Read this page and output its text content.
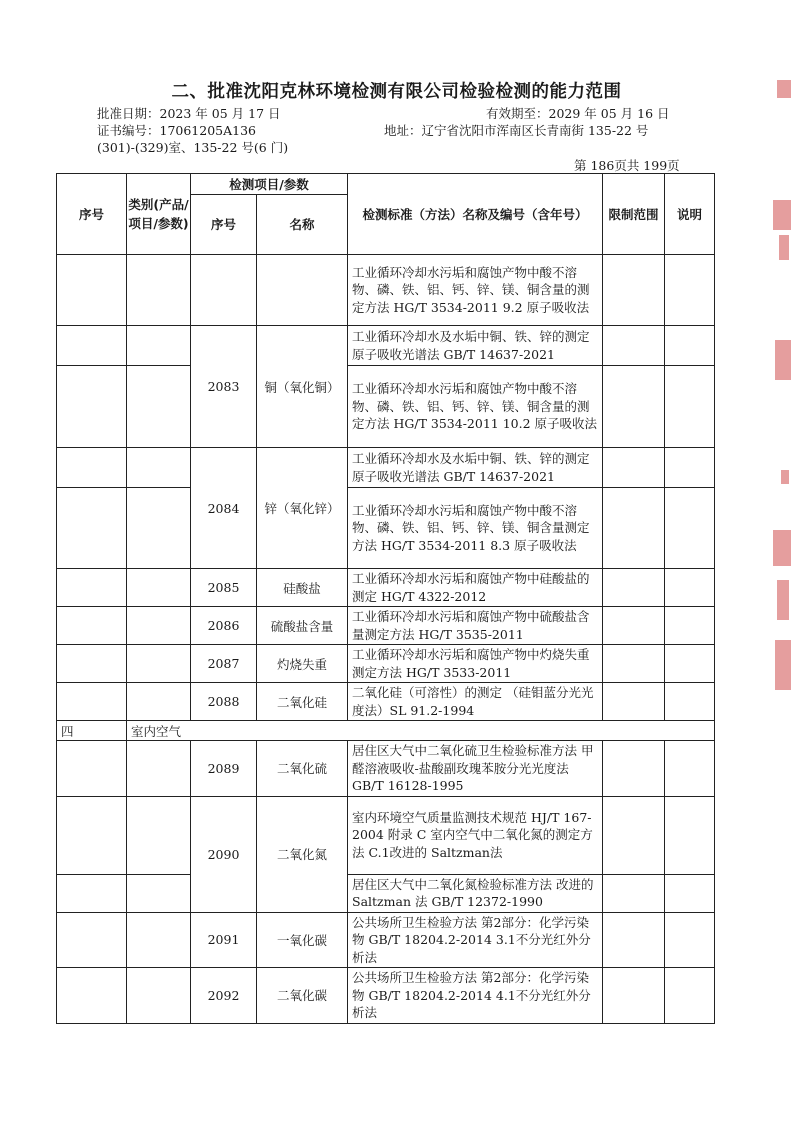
二、批准沈阳克林环境检测有限公司检验检测的能力范围
批准日期：2023 年 05 月 17 日	有效期至：2029 年 05 月 16 日
证书编号：17061205A136	地址：辽宁省沈阳市浑南区长青南街 135-22 号
(301)-(329)室、135-22 号(6 门)
第 186页共 199页
序号	类别(产品/项目/参数)	检测项目/参数		检测标准（方法）名称及编号（含年号）	限制范围	说明
		序号	名称			
				工业循环冷却水污垢和腐蚀产物中酸不溶物、磷、铁、铝、钙、锌、镁、铜含量的测定方法 HG/T 3534-2011 9.2 原子吸收法		
		2083	铜（氧化铜）	工业循环冷却水及水垢中铜、铁、锌的测定 原子吸收光谱法 GB/T 14637-2021		
				工业循环冷却水污垢和腐蚀产物中酸不溶物、磷、铁、铝、钙、锌、镁、铜含量的测定方法 HG/T 3534-2011 10.2 原子吸收法		
		2084	锌（氧化锌）	工业循环冷却水及水垢中铜、铁、锌的测定 原子吸收光谱法 GB/T 14637-2021		
				工业循环冷却水污垢和腐蚀产物中酸不溶物、磷、铁、铝、钙、锌、镁、铜含量测定方法 HG/T 3534-2011 8.3 原子吸收法		
		2085	硅酸盐	工业循环冷却水污垢和腐蚀产物中硅酸盐的测定 HG/T 4322-2012		
		2086	硫酸盐含量	工业循环冷却水污垢和腐蚀产物中硫酸盐含量测定方法 HG/T 3535-2011		
		2087	灼烧失重	工业循环冷却水污垢和腐蚀产物中灼烧失重测定方法 HG/T 3533-2011		
		2088	二氧化硅	二氧化硅（可溶性）的测定 （硅钼蓝分光光度法）SL 91.2-1994		
四	室内空气					
		2089	二氧化硫	居住区大气中二氧化硫卫生检验标准方法 甲醛溶液吸收-盐酸副玫瑰苯胺分光光度法 GB/T 16128-1995		
		2090	二氧化氮	室内环境空气质量监测技术规范 HJ/T 167-2004 附录 C 室内空气中二氧化氮的测定方法 C.1改进的 Saltzman法		
				居住区大气中二氧化氮检验标准方法 改进的 Saltzman 法 GB/T 12372-1990		
		2091	一氧化碳	公共场所卫生检验方法 第2部分：化学污染物 GB/T 18204.2-2014 3.1不分光红外分析法		
		2092	二氧化碳	公共场所卫生检验方法 第2部分：化学污染物 GB/T 18204.2-2014 4.1不分光红外分析法		
